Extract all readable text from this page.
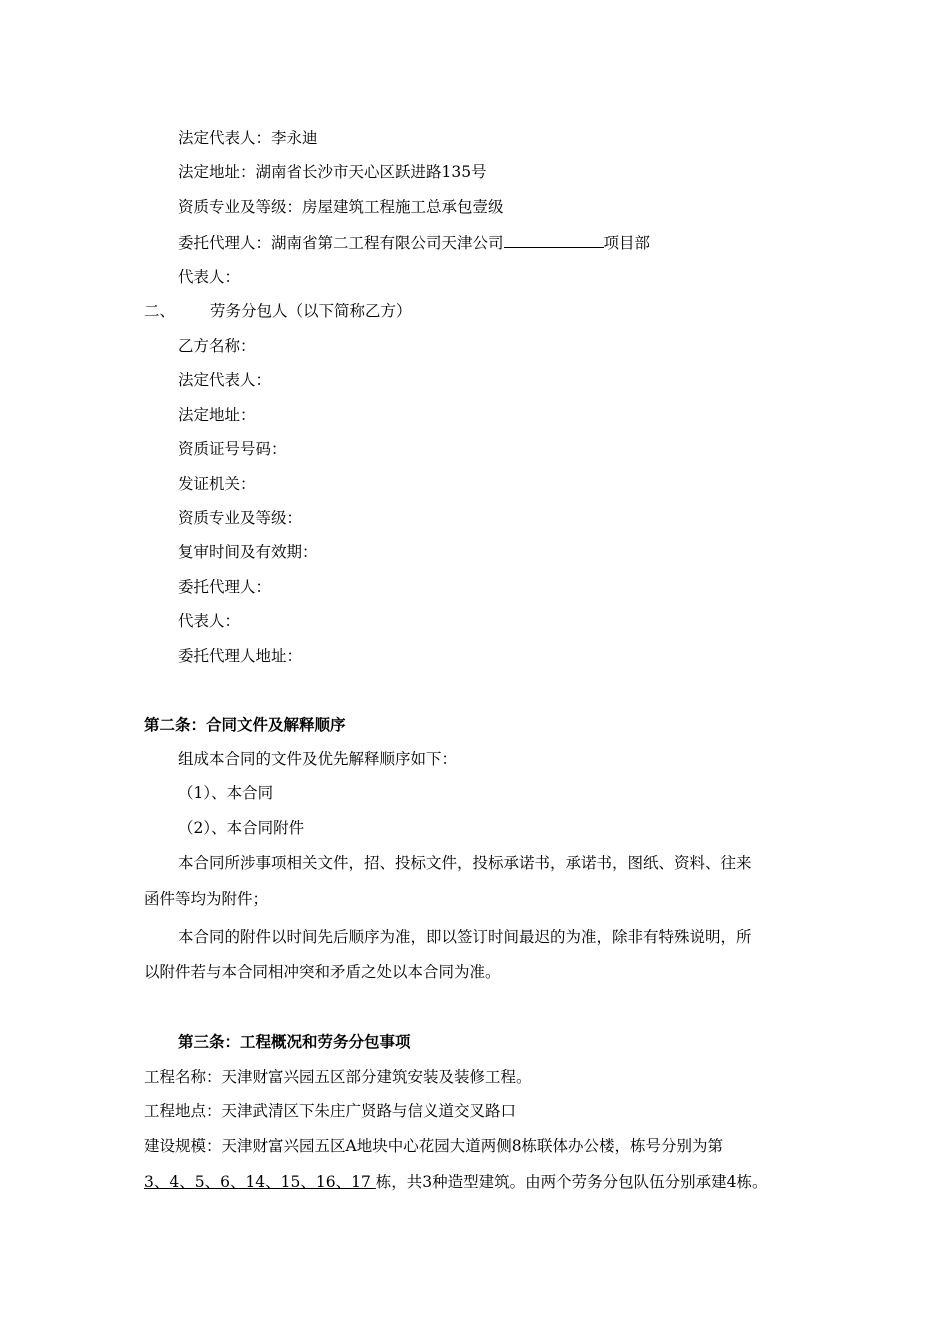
法定代表人：李永迪
法定地址：湖南省长沙市天心区跃进路135号
资质专业及等级：房屋建筑工程施工总承包壹级
委托代理人：湖南省第二工程有限公司天津公司	项目部
代表人：
二、 劳务分包人（以下简称乙方）
乙方名称：
法定代表人：
法定地址：
资质证号号码：
发证机关：
资质专业及等级：
复审时间及有效期：
委托代理人：
代表人：
委托代理人地址：
第二条：合同文件及解释顺序
组成本合同的文件及优先解释顺序如下：
（1）、本合同
（2）、本合同附件
本合同所涉事项相关文件，招、投标文件，投标承诺书，承诺书，图纸、资料、往来
函件等均为附件；
本合同的附件以时间先后顺序为准，即以签订时间最迟的为准，除非有特殊说明，所
以附件若与本合同相冲突和矛盾之处以本合同为准。
第三条：工程概况和劳务分包事项
工程名称：天津财富兴园五区部分建筑安装及装修工程。
工程地点：天津武清区下朱庄广贤路与信义道交叉路口
建设规模：天津财富兴园五区A地块中心花园大道两侧8栋联体办公楼，栋号分别为第
3、4、5、6、14、15、16、17 栋，共3种造型建筑。由两个劳务分包队伍分别承建4栋。
